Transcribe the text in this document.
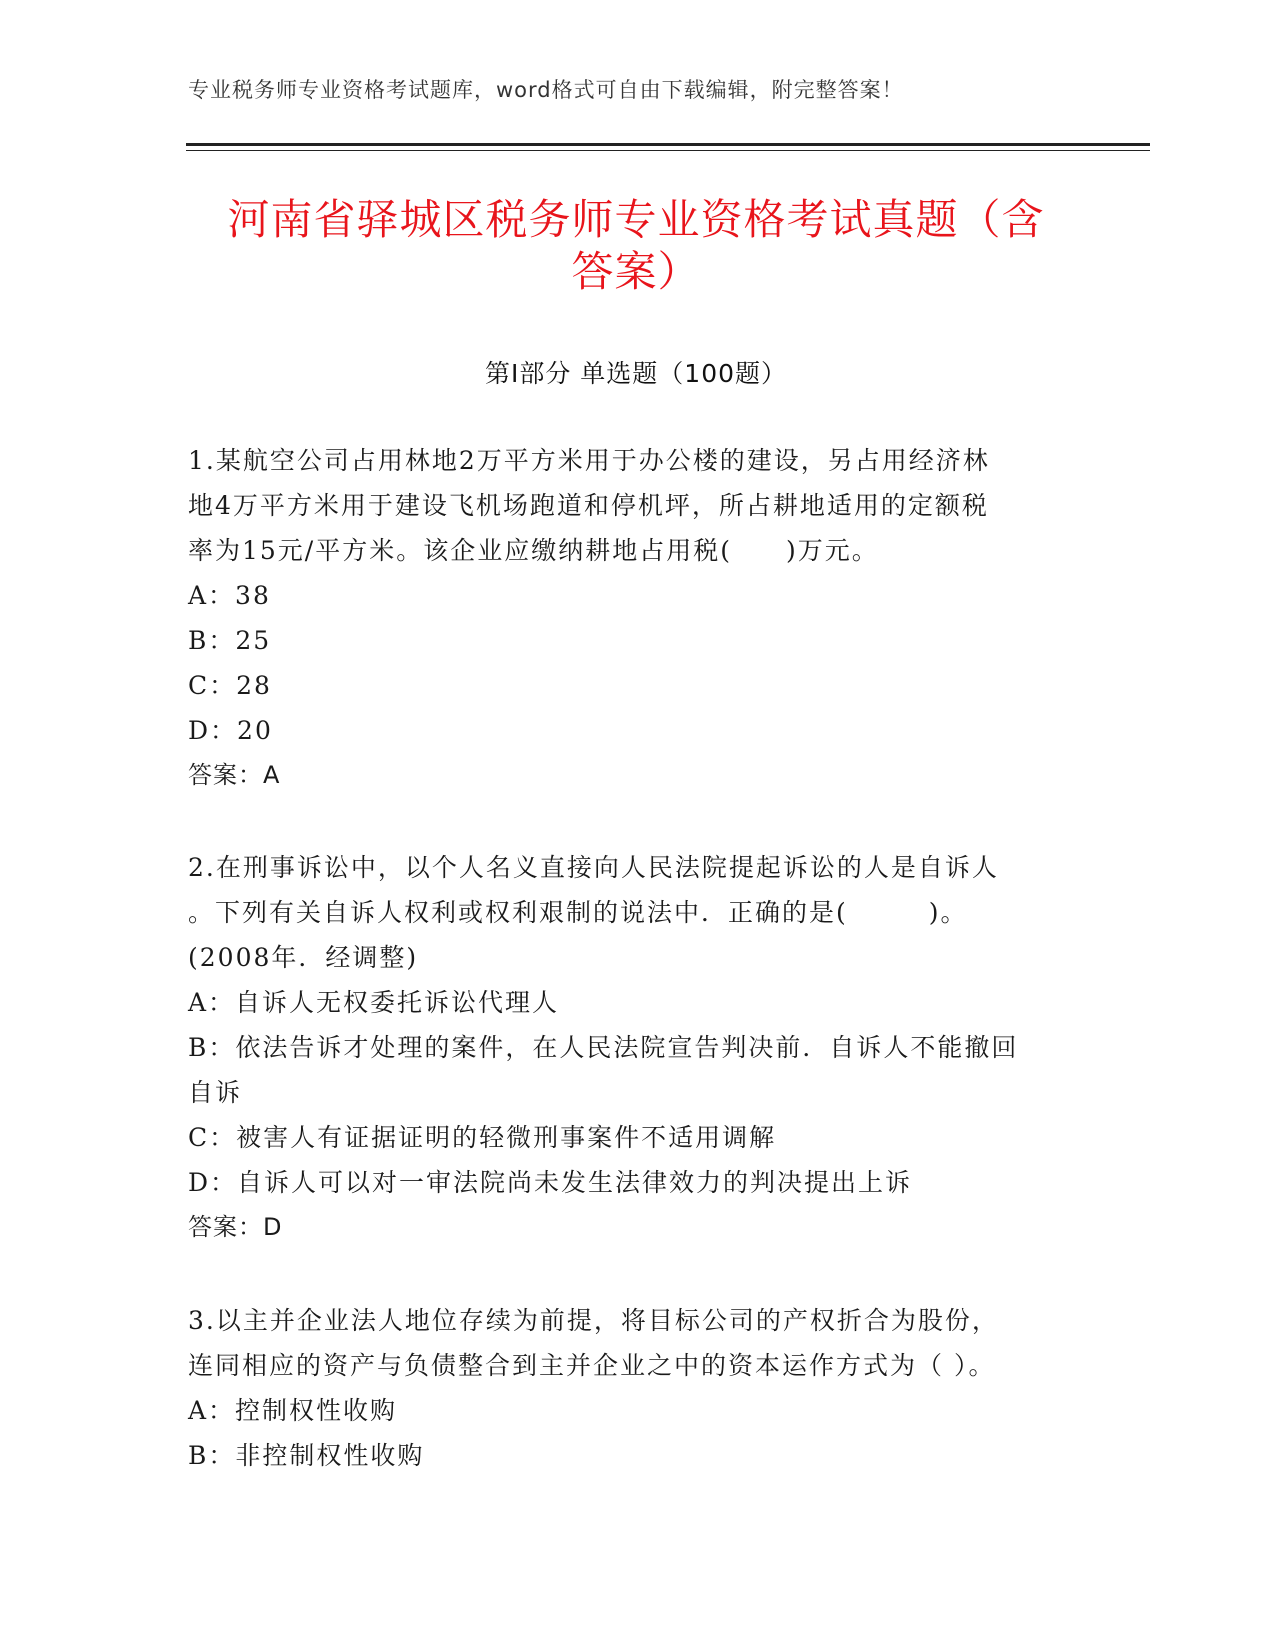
专业税务师专业资格考试题库，word格式可自由下载编辑，附完整答案！
河南省驿城区税务师专业资格考试真题（含
答案）
第Ⅰ部分 单选题（100题）

1.某航空公司占用林地2万平方米用于办公楼的建设，另占用经济林

地4万平方米用于建设飞机场跑道和停机坪，所占耕地适用的定额税

率为15元/平方米。该企业应缴纳耕地占用税(　　)万元。

A：38

B：25

C：28

D：20

答案：A

2.在刑事诉讼中，以个人名义直接向人民法院提起诉讼的人是自诉人

。下列有关自诉人权利或权利艰制的说法中．正确的是(　　　)。

(2008年．经调整)

A：自诉人无权委托诉讼代理人

B：依法告诉才处理的案件，在人民法院宣告判决前．自诉人不能撤回

自诉

C：被害人有证据证明的轻微刑事案件不适用调解

D：自诉人可以对一审法院尚未发生法律效力的判决提出上诉

答案：D

3.以主并企业法人地位存续为前提，将目标公司的产权折合为股份，

连同相应的资产与负债整合到主并企业之中的资本运作方式为（ ）。

A：控制权性收购

B：非控制权性收购
